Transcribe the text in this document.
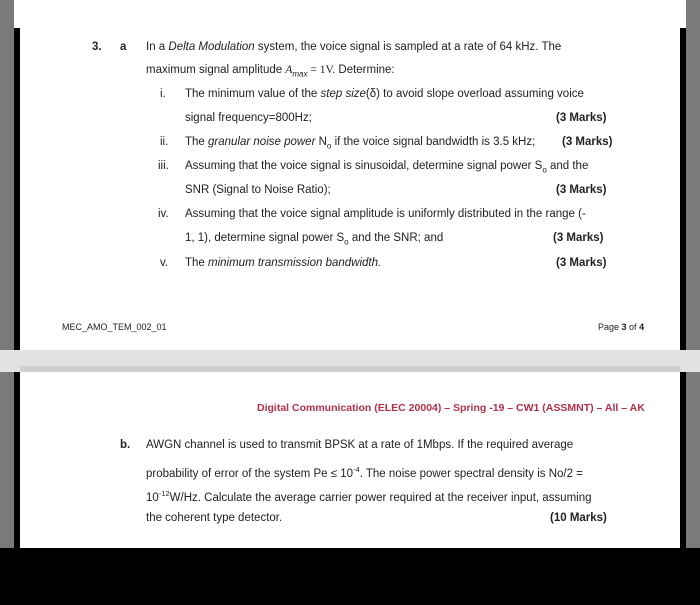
3. a In a Delta Modulation system, the voice signal is sampled at a rate of 64 kHz. The
maximum signal amplitude $A_{max} = 1V$. Determine:
i. The minimum value of the step size(δ) to avoid slope overload assuming voice
signal frequency=800Hz;	(3 Marks)
ii. The granular noise power $N_o$ if the voice signal bandwidth is 3.5 kHz; (3 Marks)
iii. Assuming that the voice signal is sinusoidal, determine signal power $S_o$ and the
SNR (Signal to Noise Ratio);	(3 Marks)
iv. Assuming that the voice signal amplitude is uniformly distributed in the range (-
1, 1), determine signal power $S_o$ and the SNR; and	(3 Marks)
v. The minimum transmission bandwidth.	(3 Marks)
MEC_AMO_TEM_002_01	Page 3 of 4
Digital Communication (ELEC 20004) – Spring -19 – CW1 (ASSMNT) – All – AK
b. AWGN channel is used to transmit BPSK at a rate of 1Mbps. If the required average
probability of error of the system $Pe \le 10^{-4}$. The noise power spectral density is No/2 =
$10^{-12}W/Hz$. Calculate the average carrier power required at the receiver input, assuming
the coherent type detector.	(10 Marks)
